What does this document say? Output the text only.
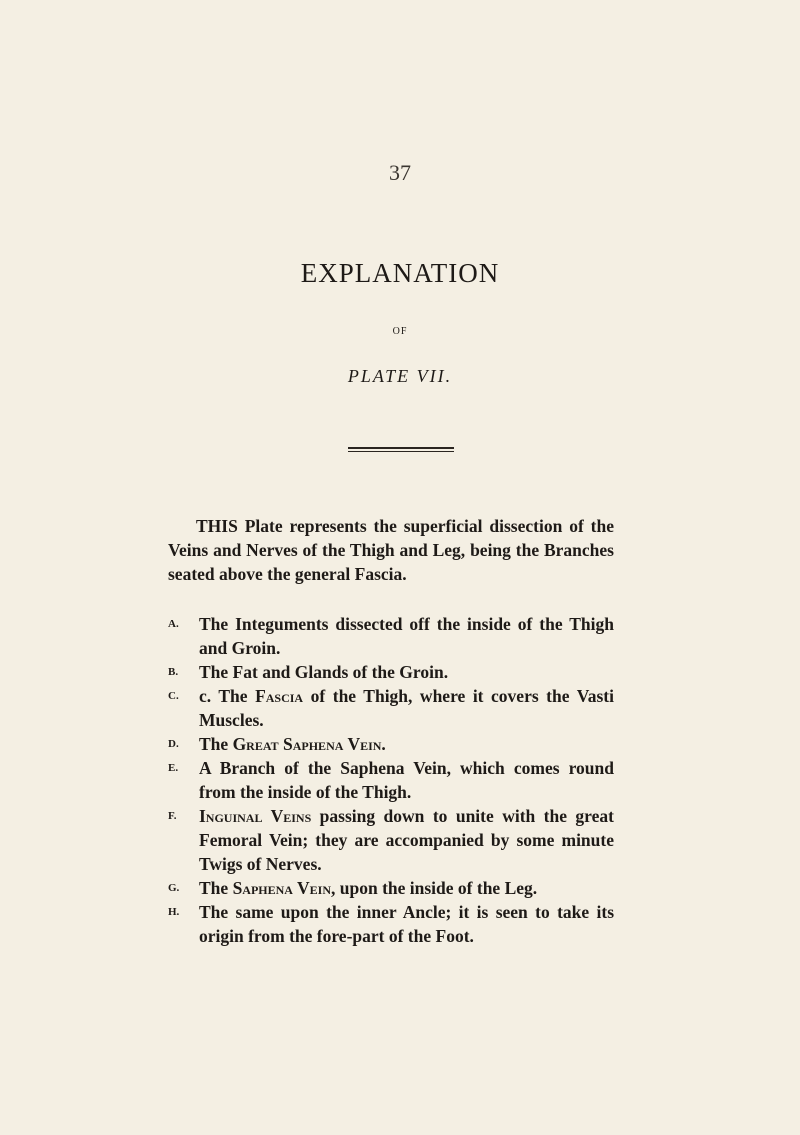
37
EXPLANATION
OF
PLATE VII.

THIS Plate represents the superficial dissection of the Veins and Nerves of the Thigh and Leg, being the Branches seated above the general Fascia.

A. The Integuments dissected off the inside of the Thigh and Groin.
B. The Fat and Glands of the Groin.
C. c. The Fascia of the Thigh, where it covers the Vasti Muscles.
D. The Great Saphena Vein.
E. A Branch of the Saphena Vein, which comes round from the inside of the Thigh.
F. Inguinal Veins passing down to unite with the great Femoral Vein; they are accompanied by some minute Twigs of Nerves.
G. The Saphena Vein, upon the inside of the Leg.
H. The same upon the inner Ancle; it is seen to take its origin from the fore-part of the Foot.
